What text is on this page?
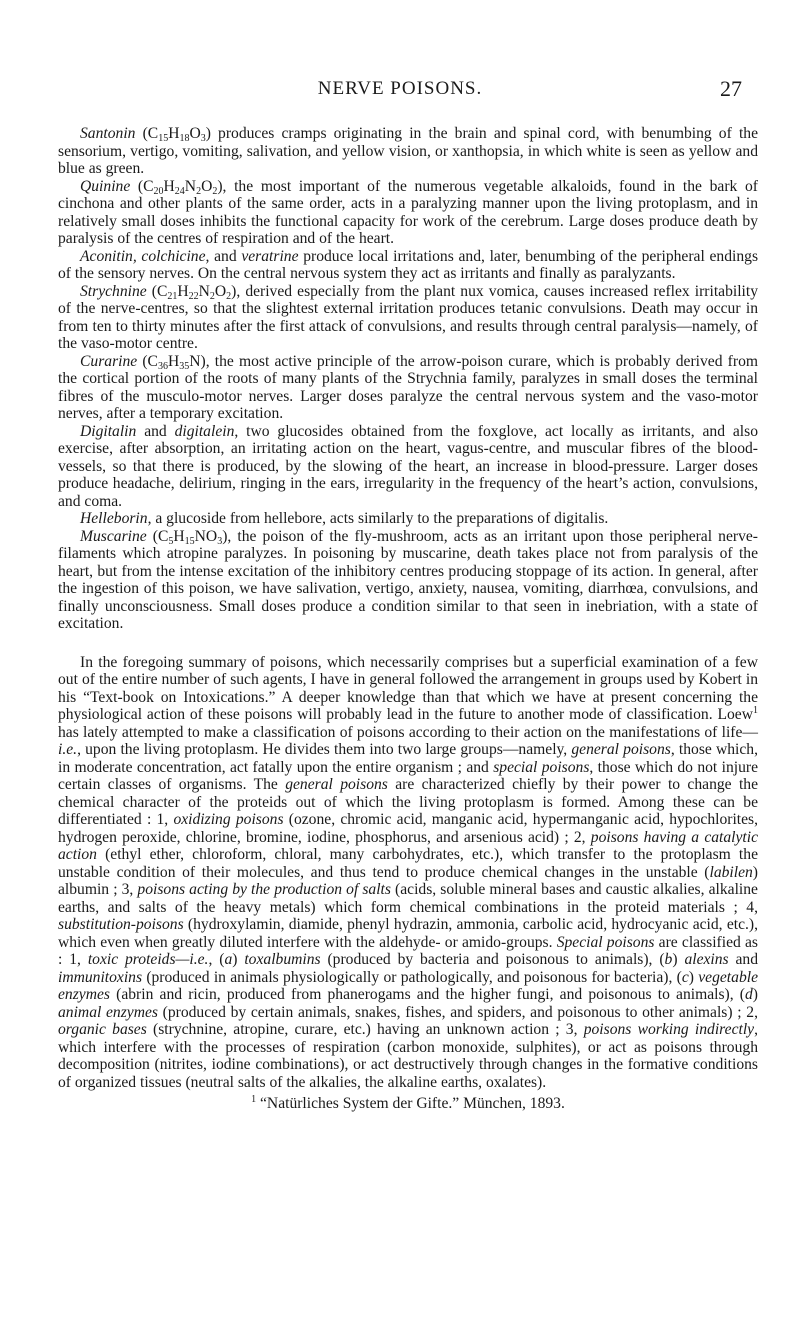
NERVE POISONS.	27

Santonin $(C_{15}H_{18}O_3)$ produces cramps originating in the brain and spinal cord, with benumbing of the sensorium, vertigo, vomiting, salivation, and yellow vision, or xanthopsia, in which white is seen as yellow and blue as green.

Quinine $(C_{20}H_{24}N_2O_2)$, the most important of the numerous vegetable alkaloids, found in the bark of cinchona and other plants of the same order, acts in a paralyzing manner upon the living protoplasm, and in relatively small doses inhibits the functional capacity for work of the cerebrum. Large doses produce death by paralysis of the centres of respiration and of the heart.

Aconitin, colchicine, and veratrine produce local irritations and, later, benumbing of the peripheral endings of the sensory nerves. On the central nervous system they act as irritants and finally as paralyzants.

Strychnine $(C_{21}H_{22}N_2O_2)$, derived especially from the plant nux vomica, causes increased reflex irritability of the nerve-centres, so that the slightest external irritation produces tetanic convulsions. Death may occur in from ten to thirty minutes after the first attack of convulsions, and results through central paralysis—namely, of the vaso-motor centre.

Curarine $(C_{36}H_{35}N)$, the most active principle of the arrow-poison curare, which is probably derived from the cortical portion of the roots of many plants of the Strychnia family, paralyzes in small doses the terminal fibres of the musculo-motor nerves. Larger doses paralyze the central nervous system and the vaso-motor nerves, after a temporary excitation.

Digitalin and digitalein, two glucosides obtained from the foxglove, act locally as irritants, and also exercise, after absorption, an irritating action on the heart, vagus-centre, and muscular fibres of the blood-vessels, so that there is produced, by the slowing of the heart, an increase in blood-pressure. Larger doses produce headache, delirium, ringing in the ears, irregularity in the frequency of the heart’s action, convulsions, and coma.

Helleborin, a glucoside from hellebore, acts similarly to the preparations of digitalis.

Muscarine $(C_5H_{15}NO_3)$, the poison of the fly-mushroom, acts as an irritant upon those peripheral nerve-filaments which atropine paralyzes. In poisoning by muscarine, death takes place not from paralysis of the heart, but from the intense excitation of the inhibitory centres producing stoppage of its action. In general, after the ingestion of this poison, we have salivation, vertigo, anxiety, nausea, vomiting, diarrhœa, convulsions, and finally unconsciousness. Small doses produce a condition similar to that seen in inebriation, with a state of excitation.

In the foregoing summary of poisons, which necessarily comprises but a superficial examination of a few out of the entire number of such agents, I have in general followed the arrangement in groups used by Kobert in his “Text-book on Intoxications.” A deeper knowledge than that which we have at present concerning the physiological action of these poisons will probably lead in the future to another mode of classification. Loew$^1$ has lately attempted to make a classification of poisons according to their action on the manifestations of life—i.e., upon the living protoplasm. He divides them into two large groups—namely, general poisons, those which, in moderate concentration, act fatally upon the entire organism ; and special poisons, those which do not injure certain classes of organisms. The general poisons are characterized chiefly by their power to change the chemical character of the proteids out of which the living protoplasm is formed. Among these can be differentiated : 1, oxidizing poisons (ozone, chromic acid, manganic acid, hypermanganic acid, hypochlorites, hydrogen peroxide, chlorine, bromine, iodine, phosphorus, and arsenious acid) ; 2, poisons having a catalytic action (ethyl ether, chloroform, chloral, many carbohydrates, etc.), which transfer to the protoplasm the unstable condition of their molecules, and thus tend to produce chemical changes in the unstable (labilen) albumin ; 3, poisons acting by the production of salts (acids, soluble mineral bases and caustic alkalies, alkaline earths, and salts of the heavy metals) which form chemical combinations in the proteid materials ; 4, substitution-poisons (hydroxylamin, diamide, phenyl hydrazin, ammonia, carbolic acid, hydrocyanic acid, etc.), which even when greatly diluted interfere with the aldehyde- or amido-groups. Special poisons are classified as : 1, toxic proteids—i.e., (a) toxalbumins (produced by bacteria and poisonous to animals), (b) alexins and immunitoxins (produced in animals physiologically or pathologically, and poisonous for bacteria), (c) vegetable enzymes (abrin and ricin, produced from phanerogams and the higher fungi, and poisonous to animals), (d) animal enzymes (produced by certain animals, snakes, fishes, and spiders, and poisonous to other animals) ; 2, organic bases (strychnine, atropine, curare, etc.) having an unknown action ; 3, poisons working indirectly, which interfere with the processes of respiration (carbon monoxide, sulphites), or act as poisons through decomposition (nitrites, iodine combinations), or act destructively through changes in the formative conditions of organized tissues (neutral salts of the alkalies, the alkaline earths, oxalates).

$^1$ “Natürliches System der Gifte.” München, 1893.
